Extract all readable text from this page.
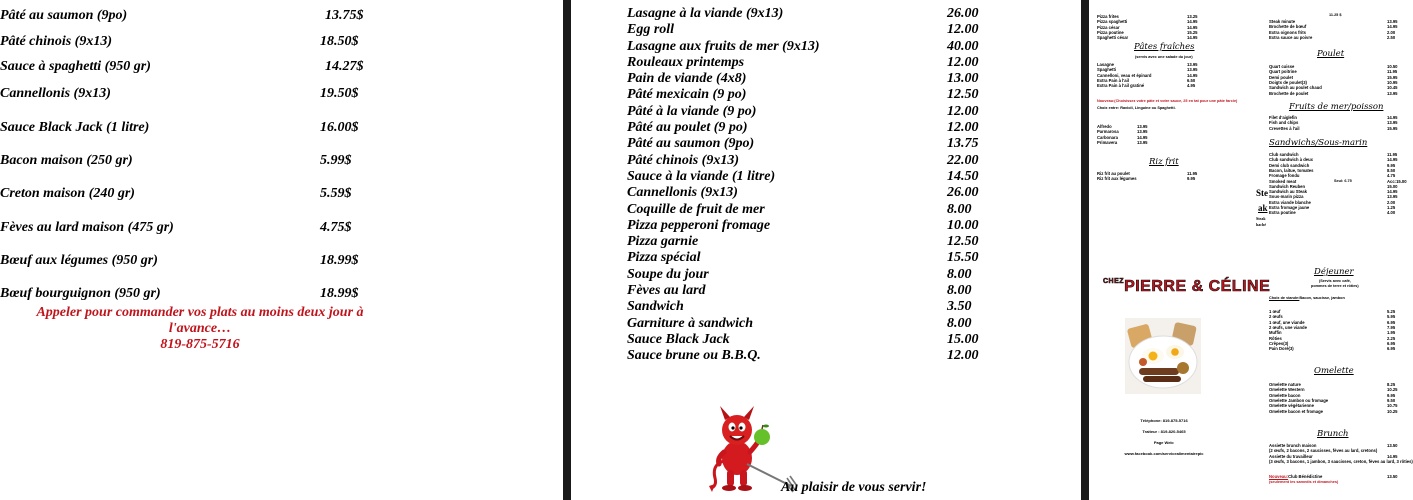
Pâté au saumon (9po)	13.75$
Pâté chinois (9x13)	18.50$
Sauce à spaghetti (950 gr)	14.27$
Cannellonis (9x13)	19.50$
Sauce Black Jack (1 litre)	16.00$
Bacon maison (250 gr)	5.99$
Creton maison (240 gr)	5.59$
Fèves au lard maison (475 gr)	4.75$
Bœuf aux légumes (950 gr)	18.99$
Bœuf bourguignon (950 gr)	18.99$
Appeler pour commander vos plats au moins deux jour à
l'avance…
819-875-5716
Lasagne à la viande (9x13)	26.00
Egg roll	12.00
Lasagne aux fruits de mer (9x13)	40.00
Rouleaux printemps	12.00
Pain de viande (4x8)	13.00
Pâté mexicain (9 po)	12.50
Pâté à la viande (9 po)	12.00
Pâté au poulet (9 po)	12.00
Pâté au saumon (9po)	13.75
Pâté chinois (9x13)	22.00
Sauce à la viande (1 litre)	14.50
Cannellonis (9x13)	26.00
Coquille de fruit de mer	8.00
Pizza pepperoni fromage	10.00
Pizza garnie	12.50
Pizza spécial	15.50
Soupe du jour	8.00
Fèves au lard	8.00
Sandwich	3.50
Garniture à sandwich	8.00
Sauce Black Jack	15.00
Sauce brune ou B.B.Q.	12.00
Au plaisir de vous servir!
Pizza frites	13.25
Pizza spaghetti	14.95
Pizza césar	14.95
Pizza poutine	15.25
Spaghetti césar	14.95
Pâtes fraîches
(servis avec une salade du jour)
Lasagne	13.95
Spaghetti	13.95
Cannelloni, veau et épinard	14.95
Extra Pain à l'ail	6.50
Extra Pain à l'ail gratiné	4.95
Nouveau:(Choisissez votre pâte et votre sauce, 25 en tat pour une pâte farcie)
Choix entre: Ravioli, Linguine ou Spaghetti.
Alfredo	13.95
Parmarosa	13.95
Carbonara	14.95
Primavera	13.95
Riz frit
Riz frit au poulet	11.95
Riz frit aux légumes	9.95
11.25 $
Steak minute	13.95
Brochette de bœuf	14.95
Extra oignons frits	2.00
Extra sauce au poivre	2.50
Poulet
Quart cuisse	10.50
Quart poitrine	11.95
Demi poulet	15.95
Doigts de poulet(3)	10.95
Sandwich au poulet chaud	10.45
Brochette de poulet	13.95
Fruits de mer/poisson
Filet d'aiglefin	14.95
Fish and chips	13.95
Crevettes à l'ail	15.95
Sandwichs/Sous-marin
Club sandwich	11.95
Club sandwich à deux	14.95
Demi club sandwich	9.95
Bacon, laitue, tomates	8.50
Fromage fondu	4.75
Smoked meat	Acc:15.00
Sandwich Reuben	15.00
Sandwich au Steak	14.95
Sous-marin pizza	13.95
Extra viande blanche	2.00
Extra fromage jaune	1.25
Extra poutine	4.00
Seul: 6.75
Déjeuner
(Servis avec café,
pommes de terre et rôties)
Choix de viande:Bacon, saucisse, jambon
1 œuf	5.25
2 œufs	5.95
1 œuf, une viande	6.95
2 œufs, une viande	7.95
Muffin	1.95
Rôties	2.25
Crêpes(3)	6.95
Pain Doré(3)	6.95
Omelette
Omelette nature	8.25
Omelette Western	10.25
Omelette bacon	9.95
Omelette Jambon ou fromage	9.50
Omelette végétarienne	10.75
Omelette bacon et fromage	10.25
Brunch
Assiette brunch maison	13.50
(2 œufs, 2 bacons, 2 saucisses, fèves au lard, cretons)
Assiette du travailleur	14.95
(3 œufs, 3 bacons, 1 jambon, 3 saucisses, creton, fèves au lard, 3 rôties)
Nouveau:Club Bénédictine	13.50
(seulement les samedis et dimanches)
Ste
ak
Steak
haché
$^{CHEZ}$PIERRE & CÉLINE
Téléphone: 819-875-5716
Traiteur : 819-820-5465
Page Web:
www.facebook.com/servicealimentairepic
